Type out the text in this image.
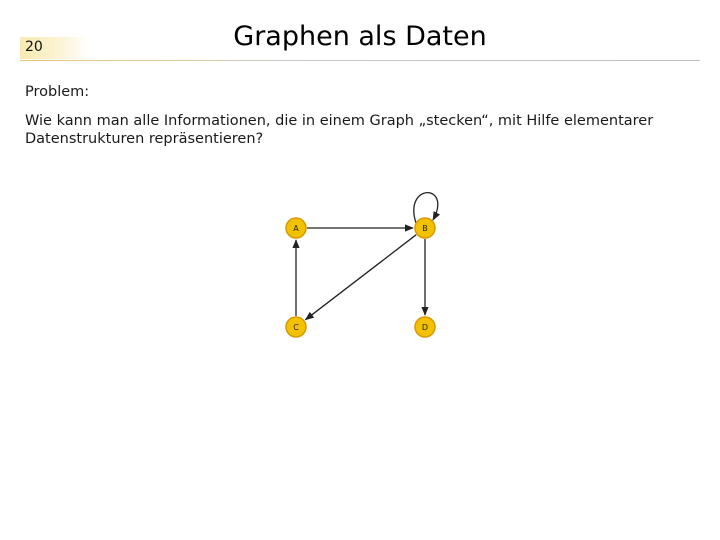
20	Graphen als Daten

Problem:

Wie kann man alle Informationen, die in einem Graph „stecken“, mit Hilfe elementarer Datenstrukturen repräsentieren?

A	B
C	D
